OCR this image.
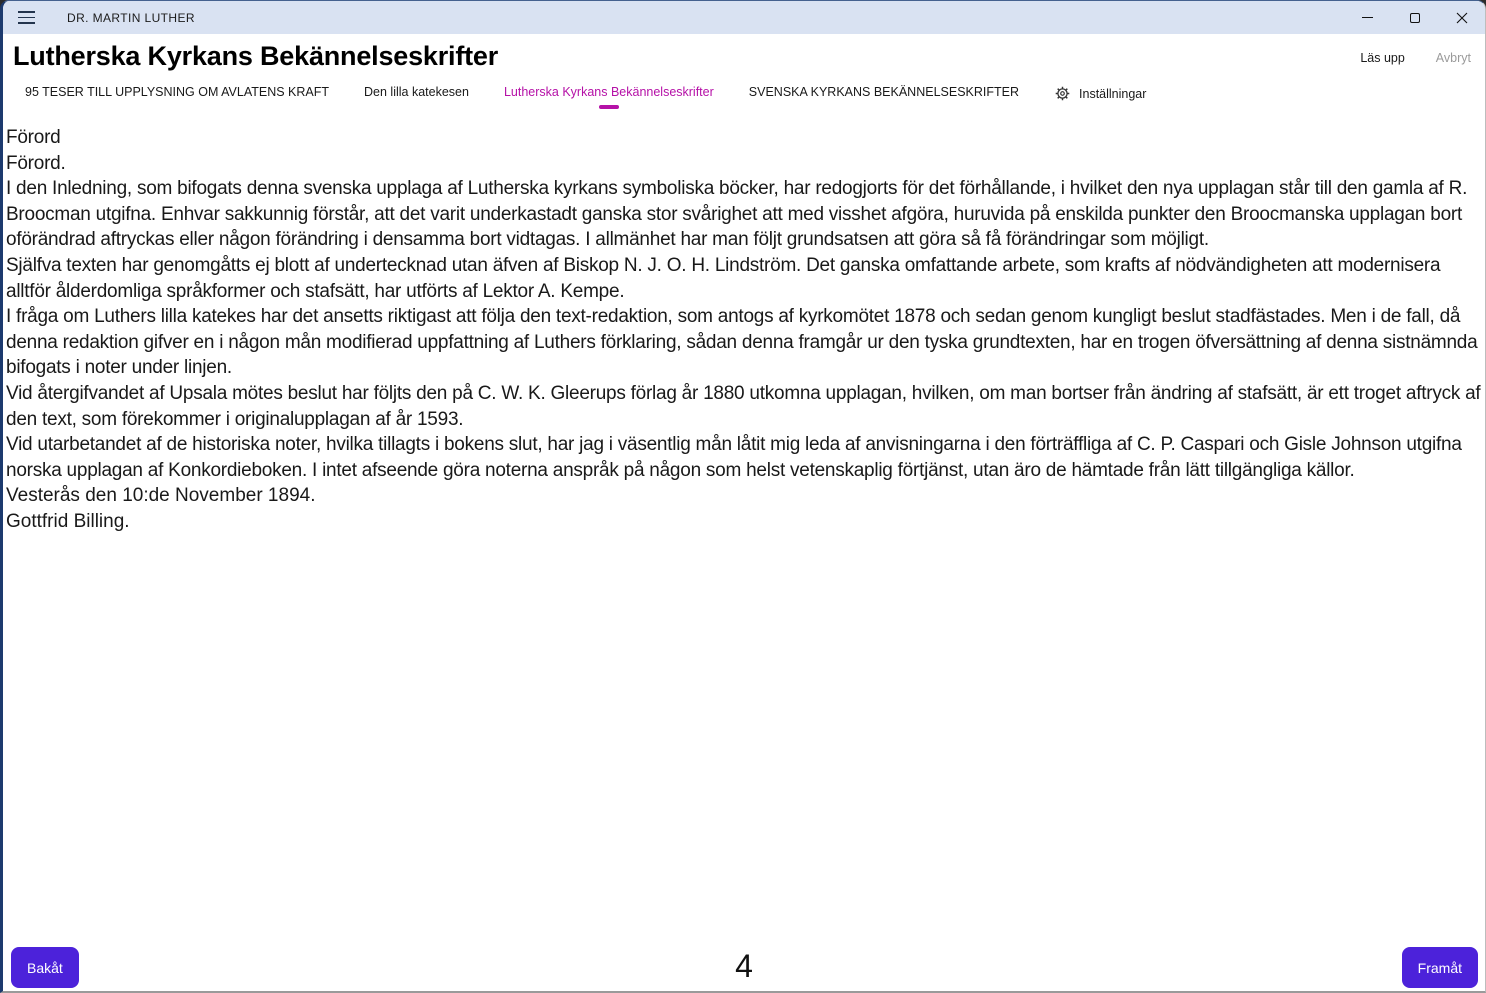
DR. MARTIN LUTHER
Lutherska Kyrkans Bekännelseskrifter	Läs upp Avbryt
95 TESER TILL UPPLYSNING OM AVLATENS KRAFT	Den lilla katekesen	Lutherska Kyrkans Bekännelseskrifter	SVENSKA KYRKANS BEKÄNNELSESKRIFTER	Inställningar

Förord

Förord.

I den Inledning, som bifogats denna svenska upplaga af Lutherska kyrkans symboliska böcker, har redogjorts för det förhållande, i hvilket den nya upplagan står till den gamla af R. Broocman utgifna. Enhvar sakkunnig förstår, att det varit underkastadt ganska stor svårighet att med visshet afgöra, huruvida på enskilda punkter den Broocmanska upplagan bort oförändrad aftryckas eller någon förändring i densamma bort vidtagas. I allmänhet har man följt grundsatsen att göra så få förändringar som möjligt.

Själfva texten har genomgåtts ej blott af undertecknad utan äfven af Biskop N. J. O. H. Lindström. Det ganska omfattande arbete, som krafts af nödvändigheten att modernisera alltför ålderdomliga språkformer och stafsätt, har utförts af Lektor A. Kempe.

I fråga om Luthers lilla katekes har det ansetts riktigast att följa den text-redaktion, som antogs af kyrkomötet 1878 och sedan genom kungligt beslut stadfästades. Men i de fall, då denna redaktion gifver en i någon mån modifierad uppfattning af Luthers förklaring, sådan denna framgår ur den tyska grundtexten, har en trogen öfversättning af denna sistnämnda bifogats i noter under linjen.

Vid återgifvandet af Upsala mötes beslut har följts den på C. W. K. Gleerups förlag år 1880 utkomna upplagan, hvilken, om man bortser från ändring af stafsätt, är ett troget aftryck af den text, som förekommer i originalupplagan af år 1593.

Vid utarbetandet af de historiska noter, hvilka tillagts i bokens slut, har jag i väsentlig mån låtit mig leda af anvisningarna i den förträffliga af C. P. Caspari och Gisle Johnson utgifna norska upplagan af Konkordieboken. I intet afseende göra noterna anspråk på någon som helst vetenskaplig förtjänst, utan äro de hämtade från lätt tillgängliga källor.

Vesterås den 10:de November 1894.

Gottfrid Billing.

4
Bakåt	Framåt
